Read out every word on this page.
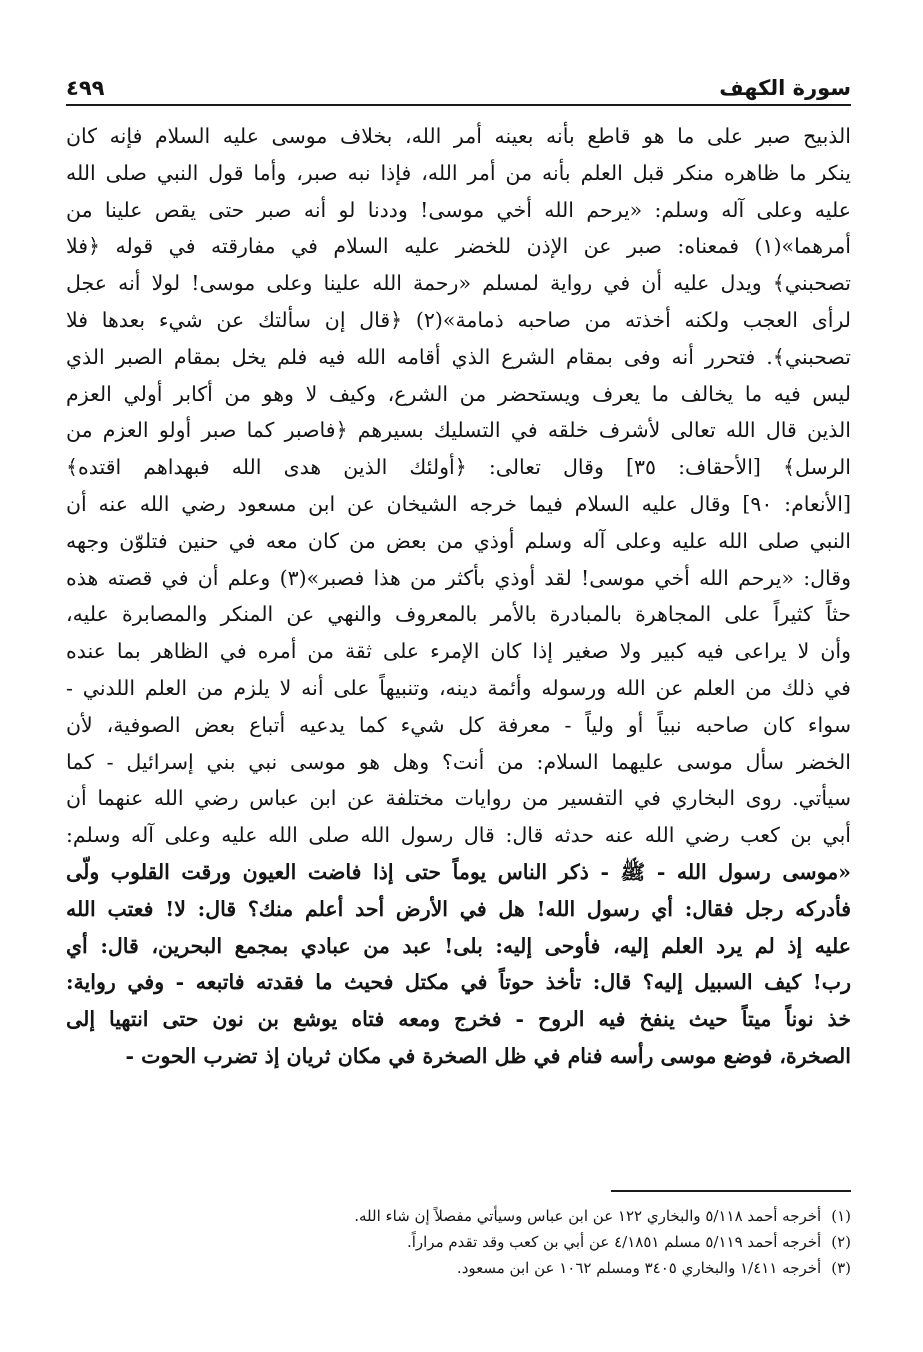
سورة الكهف
٤٩٩
الذبيح صبر على ما هو قاطع بأنه بعينه أمر الله، بخلاف موسى عليه السلام فإنه كان
ينكر ما ظاهره منكر قبل العلم بأنه من أمر الله، فإذا نبه صبر، وأما قول النبي صلى الله
عليه وعلى آله وسلم: «يرحم الله أخي موسى! وددنا لو أنه صبر حتى يقص علينا من
أمرهما»(١) فمعناه: صبر عن الإذن للخضر عليه السلام في مفارقته في قوله ﴿فلا
تصحبني﴾ ويدل عليه أن في رواية لمسلم «رحمة الله علينا وعلى موسى! لولا أنه عجل
لرأى العجب ولكنه أخذته من صاحبه ذمامة»(٢) ﴿قال إن سألتك عن شيء بعدها فلا
تصحبني﴾. فتحرر أنه وفى بمقام الشرع الذي أقامه الله فيه فلم يخل بمقام الصبر الذي
ليس فيه ما يخالف ما يعرف ويستحضر من الشرع، وكيف لا وهو من أكابر أولي العزم
الذين قال الله تعالى لأشرف خلقه في التسليك بسيرهم ﴿فاصبر كما صبر أولو العزم من
الرسل﴾ [الأحقاف: ٣٥] وقال تعالى: ﴿أولئك الذين هدى الله فبهداهم اقتده﴾
[الأنعام: ٩٠] وقال عليه السلام فيما خرجه الشيخان عن ابن مسعود رضي الله عنه أن
النبي صلى الله عليه وعلى آله وسلم أوذي من بعض من كان معه في حنين فتلوّن وجهه
وقال: «يرحم الله أخي موسى! لقد أوذي بأكثر من هذا فصبر»(٣) وعلم أن في قصته هذه
حثاً كثيراً على المجاهرة بالمبادرة بالأمر بالمعروف والنهي عن المنكر والمصابرة عليه،
وأن لا يراعى فيه كبير ولا صغير إذا كان الإمرء على ثقة من أمره في الظاهر بما عنده
في ذلك من العلم عن الله ورسوله وأئمة دينه، وتنبيهاً على أنه لا يلزم من العلم اللدني -
سواء كان صاحبه نبياً أو ولياً - معرفة كل شيء كما يدعيه أتباع بعض الصوفية، لأن
الخضر سأل موسى عليهما السلام: من أنت؟ وهل هو موسى نبي بني إسرائيل - كما
سيأتي. روى البخاري في التفسير من روايات مختلفة عن ابن عباس رضي الله عنهما أن
أبي بن كعب رضي الله عنه حدثه قال: قال رسول الله صلى الله عليه وعلى آله وسلم:
«موسى رسول الله - ﷺ - ذكر الناس يوماً حتى إذا فاضت العيون ورقت القلوب ولّى
فأدركه رجل فقال: أي رسول الله! هل في الأرض أحد أعلم منك؟ قال: لا! فعتب الله
عليه إذ لم يرد العلم إليه، فأوحى إليه: بلى! عبد من عبادي بمجمع البحرين، قال: أي
رب! كيف السبيل إليه؟ قال: تأخذ حوتاً في مكتل فحيث ما فقدته فاتبعه - وفي رواية:
خذ نوناً ميتاً حيث ينفخ فيه الروح - فخرج ومعه فتاه يوشع بن نون حتى انتهيا إلى
الصخرة، فوضع موسى رأسه فنام في ظل الصخرة في مكان ثريان إذ تضرب الحوت -
(١)
أخرجه أحمد ٥/١١٨ والبخاري ١٢٢ عن ابن عباس وسيأتي مفصلاً إن شاء الله.
(٢)
أخرجه أحمد ٥/١١٩ مسلم ٤/١٨٥١ عن أبي بن كعب وقد تقدم مراراً.
(٣)
أخرجه ١/٤١١ والبخاري ٣٤٠٥ ومسلم ١٠٦٢ عن ابن مسعود.
